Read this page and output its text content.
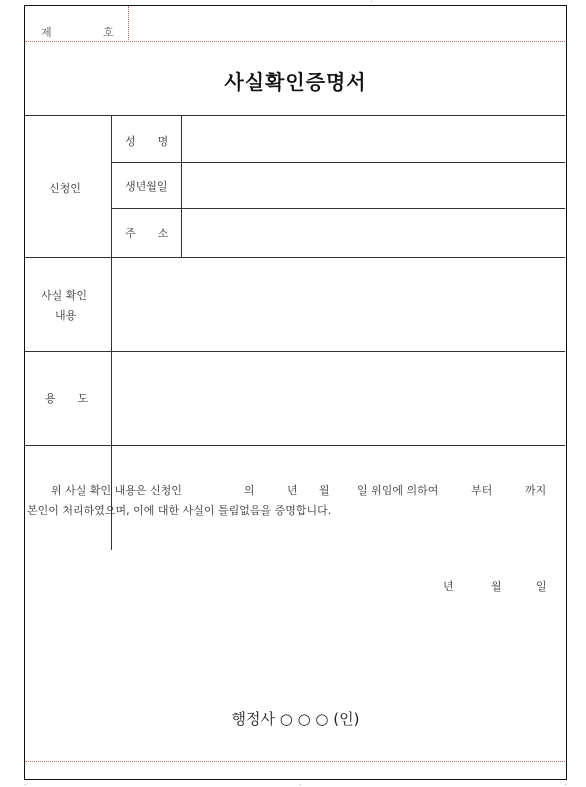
제	호
사실확인증명서
신청인
성　　명
생년월일
주　　소
사실 확인
내용
용　　도
위 사실 확인 내용은 신청인	의	년 월 일 위임에 의하여	부터	까지
본인이 처리하였으며, 이에 대한 사실이 틀림없음을 증명합니다.
년	월	일
행정사 ○ ○ ○ (인)
